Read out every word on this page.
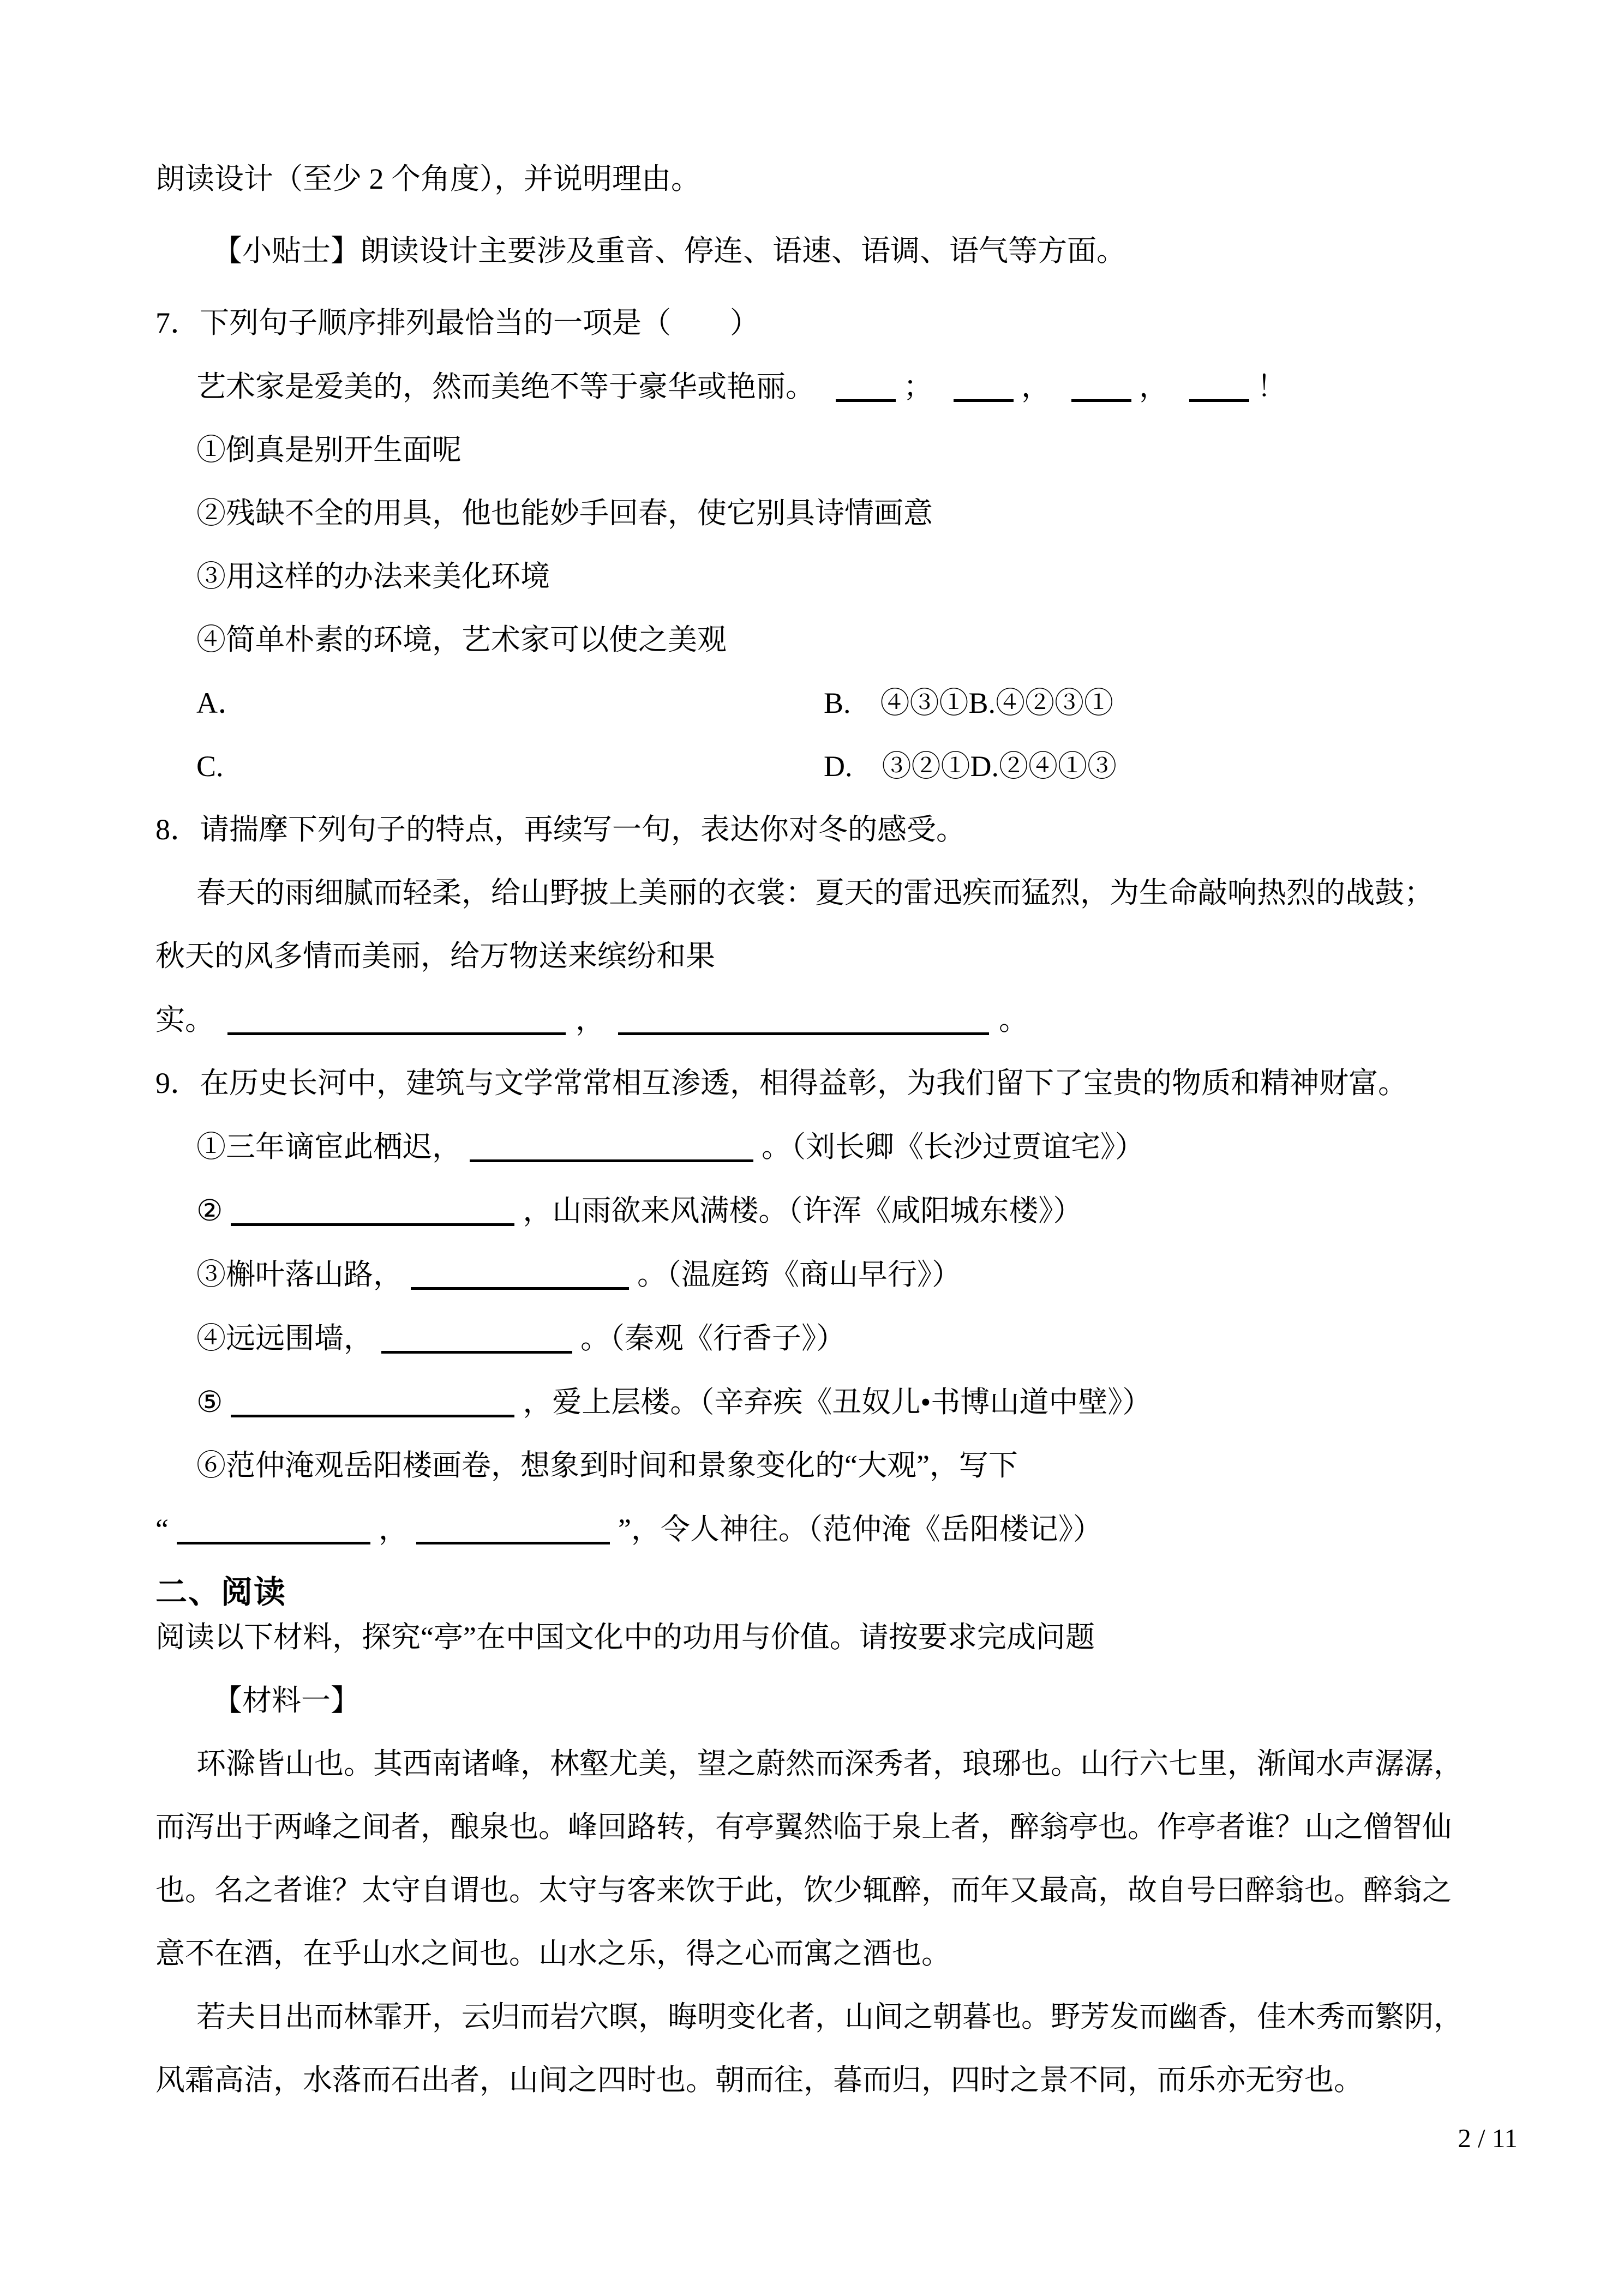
朗读设计（至少 2 个角度），并说明理由。
【小贴士】朗读设计主要涉及重音、停连、语速、语调、语气等方面。
7．下列句子顺序排列最恰当的一项是（　　）
艺术家是爱美的，然而美绝不等于豪华或艳丽。	；	，	，	！
①倒真是别开生面呢
②残缺不全的用具，他也能妙手回春，使它别具诗情画意
③用这样的办法来美化环境
④简单朴素的环境，艺术家可以使之美观
A．	B.　④③①B.④②③①
C.	D.　③②①D.②④①③
8．请揣摩下列句子的特点，再续写一句，表达你对冬的感受。
春天的雨细腻而轻柔，给山野披上美丽的衣裳：夏天的雷迅疾而猛烈，为生命敲响热烈的战鼓；
秋天的风多情而美丽，给万物送来缤纷和果
实。	，	。
9．在历史长河中，建筑与文学常常相互渗透，相得益彰，为我们留下了宝贵的物质和精神财富。
①三年谪宦此栖迟，	。（刘长卿《长沙过贾谊宅》）
②	，山雨欲来风满楼。（许浑《咸阳城东楼》）
③槲叶落山路，	。（温庭筠《商山早行》）
④远远围墙，	。（秦观《行香子》）
⑤	，爱上层楼。（辛弃疾《丑奴儿•书博山道中壁》）
⑥范仲淹观岳阳楼画卷，想象到时间和景象变化的“大观”，写下
“	，	”，令人神往。（范仲淹《岳阳楼记》）
二、阅读
阅读以下材料，探究“亭”在中国文化中的功用与价值。请按要求完成问题
【材料一】
环滁皆山也。其西南诸峰，林壑尤美，望之蔚然而深秀者，琅琊也。山行六七里，渐闻水声潺潺，
而泻出于两峰之间者，酿泉也。峰回路转，有亭翼然临于泉上者，醉翁亭也。作亭者谁？山之僧智仙
也。名之者谁？太守自谓也。太守与客来饮于此，饮少辄醉，而年又最高，故自号曰醉翁也。醉翁之
意不在酒，在乎山水之间也。山水之乐，得之心而寓之酒也。
若夫日出而林霏开，云归而岩穴暝，晦明变化者，山间之朝暮也。野芳发而幽香，佳木秀而繁阴，
风霜高洁，水落而石出者，山间之四时也。朝而往，暮而归，四时之景不同，而乐亦无穷也。
2 / 11
